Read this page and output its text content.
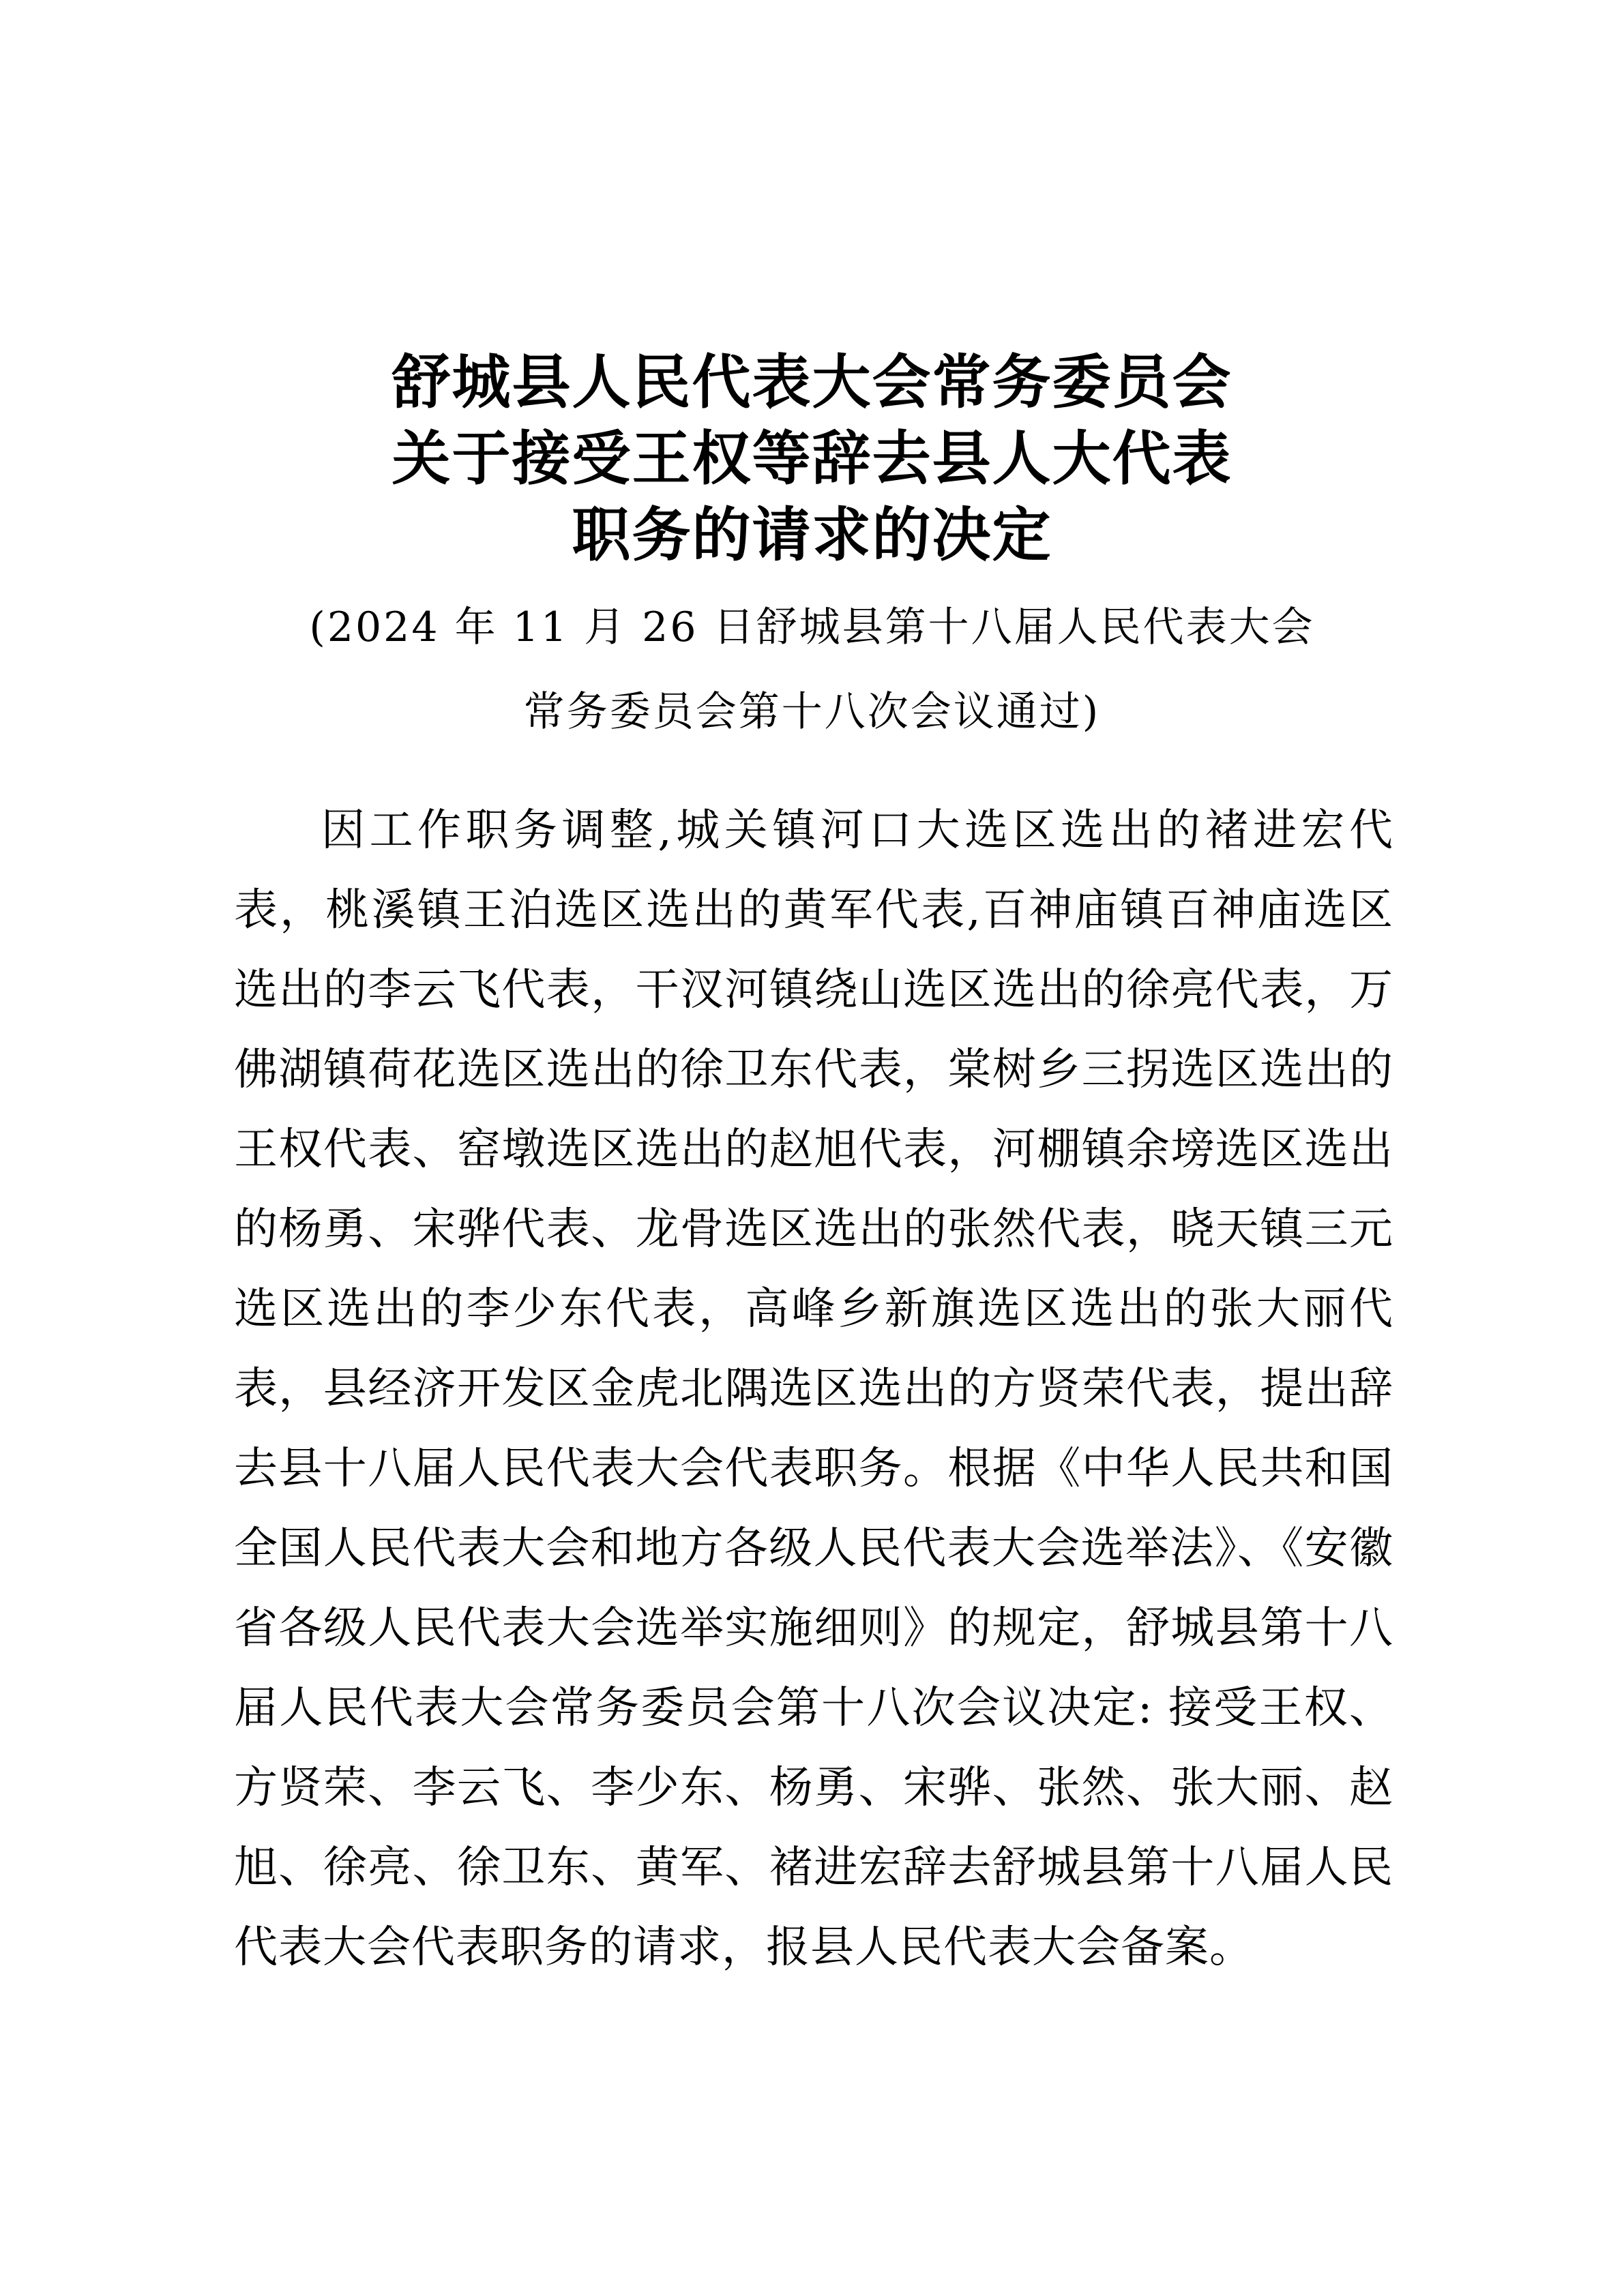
舒城县人民代表大会常务委员会
关于接受王权等辞去县人大代表
职务的请求的决定
(2024 年 11 月 26 日舒城县第十八届人民代表大会
常务委员会第十八次会议通过)

因工作职务调整,城关镇河口大选区选出的褚进宏代表，桃溪镇王泊选区选出的黄军代表,百神庙镇百神庙选区选出的李云飞代表，干汊河镇绕山选区选出的徐亮代表，万佛湖镇荷花选区选出的徐卫东代表，棠树乡三拐选区选出的王权代表、窑墩选区选出的赵旭代表，河棚镇余塝选区选出的杨勇、宋骅代表、龙骨选区选出的张然代表，晓天镇三元选区选出的李少东代表，高峰乡新旗选区选出的张大丽代表，县经济开发区金虎北隅选区选出的方贤荣代表，提出辞去县十八届人民代表大会代表职务。根据《中华人民共和国全国人民代表大会和地方各级人民代表大会选举法》、《安徽省各级人民代表大会选举实施细则》的规定，舒城县第十八届人民代表大会常务委员会第十八次会议决定: 接受王权、方贤荣、李云飞、李少东、杨勇、宋骅、张然、张大丽、赵旭、徐亮、徐卫东、黄军、褚进宏辞去舒城县第十八届人民代表大会代表职务的请求，报县人民代表大会备案。
